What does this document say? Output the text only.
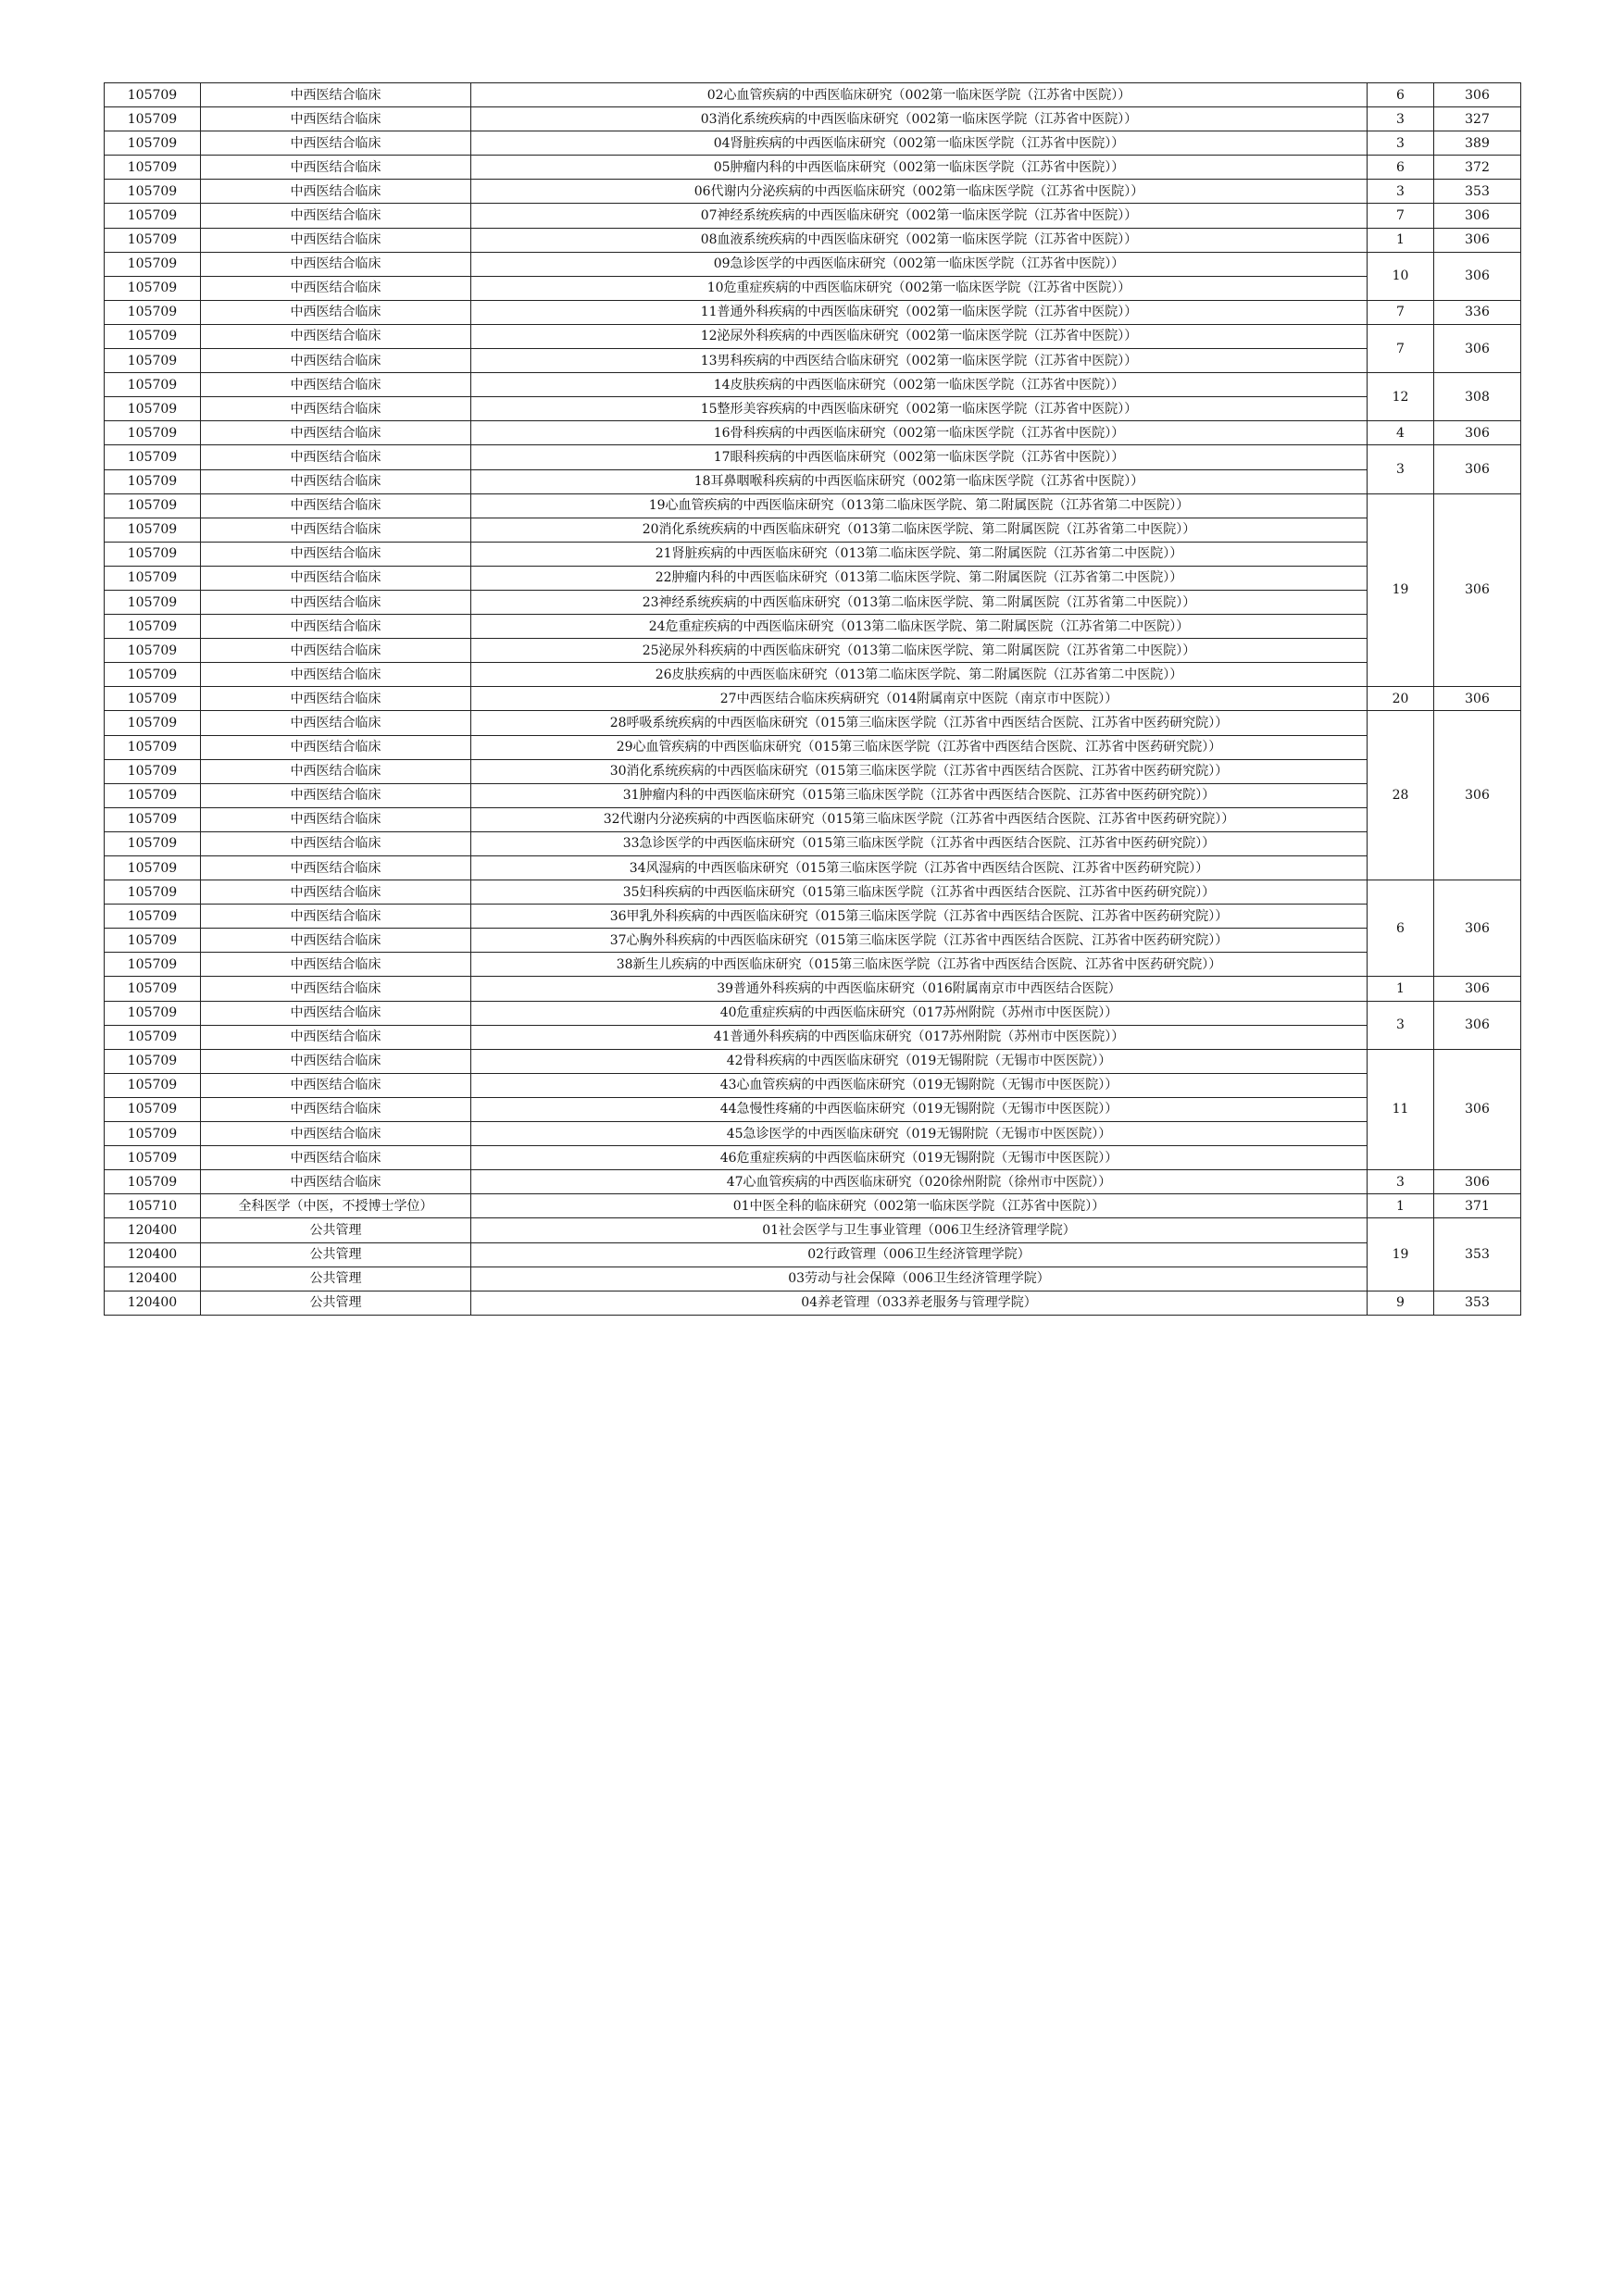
105709	中西医结合临床	02心血管疾病的中西医临床研究（002第一临床医学院（江苏省中医院））	6	306
105709	中西医结合临床	03消化系统疾病的中西医临床研究（002第一临床医学院（江苏省中医院））	3	327
105709	中西医结合临床	04肾脏疾病的中西医临床研究（002第一临床医学院（江苏省中医院））	3	389
105709	中西医结合临床	05肿瘤内科的中西医临床研究（002第一临床医学院（江苏省中医院））	6	372
105709	中西医结合临床	06代谢内分泌疾病的中西医临床研究（002第一临床医学院（江苏省中医院））	3	353
105709	中西医结合临床	07神经系统疾病的中西医临床研究（002第一临床医学院（江苏省中医院））	7	306
105709	中西医结合临床	08血液系统疾病的中西医临床研究（002第一临床医学院（江苏省中医院））	1	306
105709	中西医结合临床	09急诊医学的中西医临床研究（002第一临床医学院（江苏省中医院））	10	306
105709	中西医结合临床	10危重症疾病的中西医临床研究（002第一临床医学院（江苏省中医院））		
105709	中西医结合临床	11普通外科疾病的中西医临床研究（002第一临床医学院（江苏省中医院））	7	336
105709	中西医结合临床	12泌尿外科疾病的中西医临床研究（002第一临床医学院（江苏省中医院））	7	306
105709	中西医结合临床	13男科疾病的中西医结合临床研究（002第一临床医学院（江苏省中医院））		
105709	中西医结合临床	14皮肤疾病的中西医临床研究（002第一临床医学院（江苏省中医院））	12	308
105709	中西医结合临床	15整形美容疾病的中西医临床研究（002第一临床医学院（江苏省中医院））		
105709	中西医结合临床	16骨科疾病的中西医临床研究（002第一临床医学院（江苏省中医院））	4	306
105709	中西医结合临床	17眼科疾病的中西医临床研究（002第一临床医学院（江苏省中医院））	3	306
105709	中西医结合临床	18耳鼻咽喉科疾病的中西医临床研究（002第一临床医学院（江苏省中医院））		
105709	中西医结合临床	19心血管疾病的中西医临床研究（013第二临床医学院、第二附属医院（江苏省第二中医院））	19	306
105709	中西医结合临床	20消化系统疾病的中西医临床研究（013第二临床医学院、第二附属医院（江苏省第二中医院））		
105709	中西医结合临床	21肾脏疾病的中西医临床研究（013第二临床医学院、第二附属医院（江苏省第二中医院））		
105709	中西医结合临床	22肿瘤内科的中西医临床研究（013第二临床医学院、第二附属医院（江苏省第二中医院））		
105709	中西医结合临床	23神经系统疾病的中西医临床研究（013第二临床医学院、第二附属医院（江苏省第二中医院））		
105709	中西医结合临床	24危重症疾病的中西医临床研究（013第二临床医学院、第二附属医院（江苏省第二中医院））		
105709	中西医结合临床	25泌尿外科疾病的中西医临床研究（013第二临床医学院、第二附属医院（江苏省第二中医院））		
105709	中西医结合临床	26皮肤疾病的中西医临床研究（013第二临床医学院、第二附属医院（江苏省第二中医院））		
105709	中西医结合临床	27中西医结合临床疾病研究（014附属南京中医院（南京市中医院））	20	306
105709	中西医结合临床	28呼吸系统疾病的中西医临床研究（015第三临床医学院（江苏省中西医结合医院、江苏省中医药研究院））	28	306
105709	中西医结合临床	29心血管疾病的中西医临床研究（015第三临床医学院（江苏省中西医结合医院、江苏省中医药研究院））		
105709	中西医结合临床	30消化系统疾病的中西医临床研究（015第三临床医学院（江苏省中西医结合医院、江苏省中医药研究院））		
105709	中西医结合临床	31肿瘤内科的中西医临床研究（015第三临床医学院（江苏省中西医结合医院、江苏省中医药研究院））		
105709	中西医结合临床	32代谢内分泌疾病的中西医临床研究（015第三临床医学院（江苏省中西医结合医院、江苏省中医药研究院））		
105709	中西医结合临床	33急诊医学的中西医临床研究（015第三临床医学院（江苏省中西医结合医院、江苏省中医药研究院））		
105709	中西医结合临床	34风湿病的中西医临床研究（015第三临床医学院（江苏省中西医结合医院、江苏省中医药研究院））		
105709	中西医结合临床	35妇科疾病的中西医临床研究（015第三临床医学院（江苏省中西医结合医院、江苏省中医药研究院））	6	306
105709	中西医结合临床	36甲乳外科疾病的中西医临床研究（015第三临床医学院（江苏省中西医结合医院、江苏省中医药研究院））		
105709	中西医结合临床	37心胸外科疾病的中西医临床研究（015第三临床医学院（江苏省中西医结合医院、江苏省中医药研究院））		
105709	中西医结合临床	38新生儿疾病的中西医临床研究（015第三临床医学院（江苏省中西医结合医院、江苏省中医药研究院））		
105709	中西医结合临床	39普通外科疾病的中西医临床研究（016附属南京市中西医结合医院）	1	306
105709	中西医结合临床	40危重症疾病的中西医临床研究（017苏州附院（苏州市中医医院））	3	306
105709	中西医结合临床	41普通外科疾病的中西医临床研究（017苏州附院（苏州市中医医院））		
105709	中西医结合临床	42骨科疾病的中西医临床研究（019无锡附院（无锡市中医医院））	11	306
105709	中西医结合临床	43心血管疾病的中西医临床研究（019无锡附院（无锡市中医医院））		
105709	中西医结合临床	44急慢性疼痛的中西医临床研究（019无锡附院（无锡市中医医院））		
105709	中西医结合临床	45急诊医学的中西医临床研究（019无锡附院（无锡市中医医院））		
105709	中西医结合临床	46危重症疾病的中西医临床研究（019无锡附院（无锡市中医医院））		
105709	中西医结合临床	47心血管疾病的中西医临床研究（020徐州附院（徐州市中医院））	3	306
105710	全科医学（中医，不授博士学位）	01中医全科的临床研究（002第一临床医学院（江苏省中医院））	1	371
120400	公共管理	01社会医学与卫生事业管理（006卫生经济管理学院）	19	353
120400	公共管理	02行政管理（006卫生经济管理学院）		
120400	公共管理	03劳动与社会保障（006卫生经济管理学院）		
120400	公共管理	04养老管理（033养老服务与管理学院）	9	353
